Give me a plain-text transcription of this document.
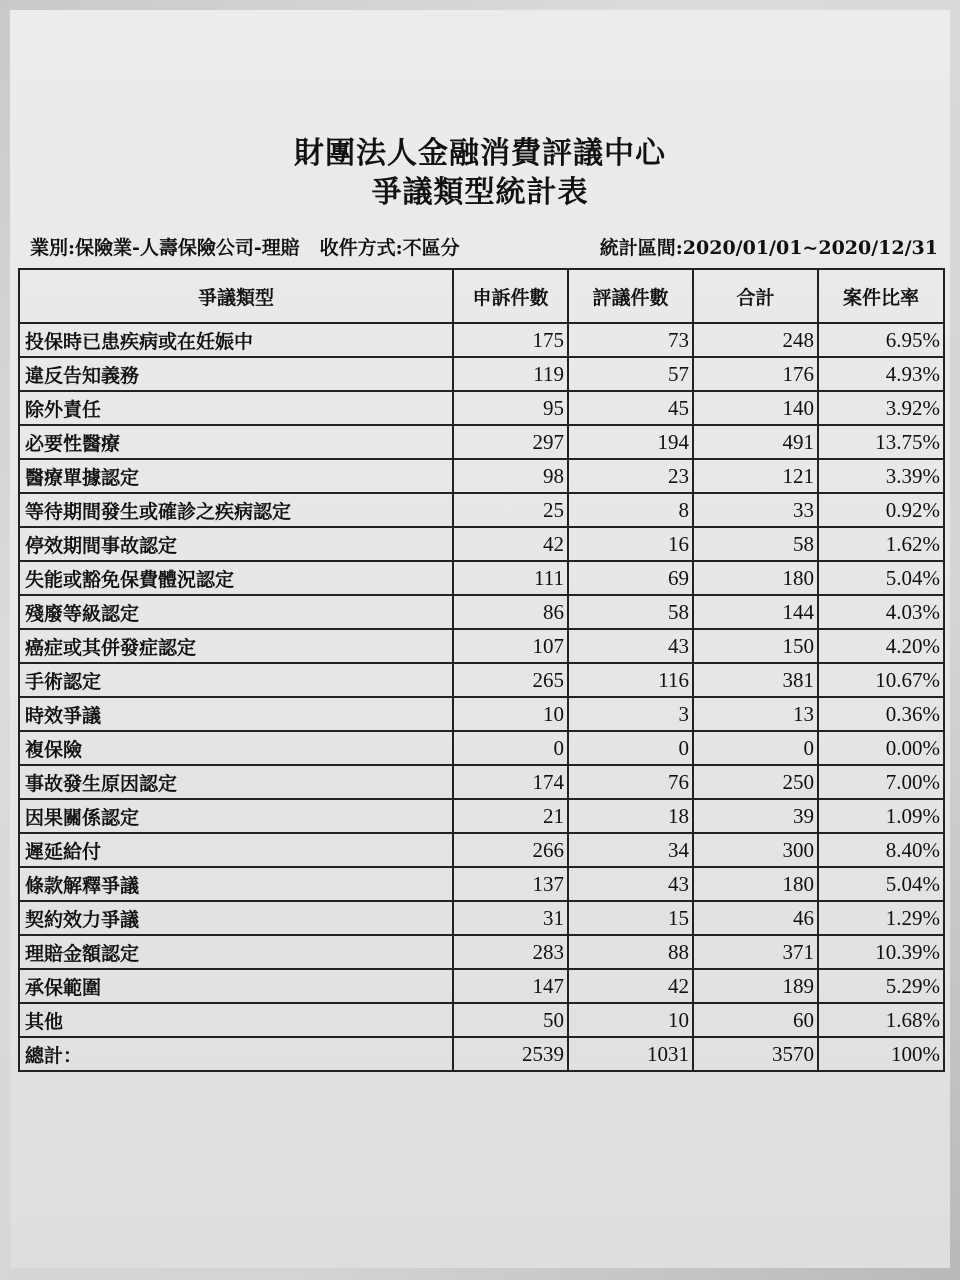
財團法人金融消費評議中心
爭議類型統計表
業別:保險業-人壽保險公司-理賠 收件方式:不區分	統計區間:2020/01/01~2020/12/31
爭議類型	申訴件數	評議件數	合計	案件比率
投保時已患疾病或在妊娠中	175	73	248	6.95%
違反告知義務	119	57	176	4.93%
除外責任	95	45	140	3.92%
必要性醫療	297	194	491	13.75%
醫療單據認定	98	23	121	3.39%
等待期間發生或確診之疾病認定	25	8	33	0.92%
停效期間事故認定	42	16	58	1.62%
失能或豁免保費體況認定	111	69	180	5.04%
殘廢等級認定	86	58	144	4.03%
癌症或其併發症認定	107	43	150	4.20%
手術認定	265	116	381	10.67%
時效爭議	10	3	13	0.36%
複保險	0	0	0	0.00%
事故發生原因認定	174	76	250	7.00%
因果關係認定	21	18	39	1.09%
遲延給付	266	34	300	8.40%
條款解釋爭議	137	43	180	5.04%
契約效力爭議	31	15	46	1.29%
理賠金額認定	283	88	371	10.39%
承保範圍	147	42	189	5.29%
其他	50	10	60	1.68%
總計：	2539	1031	3570	100%
